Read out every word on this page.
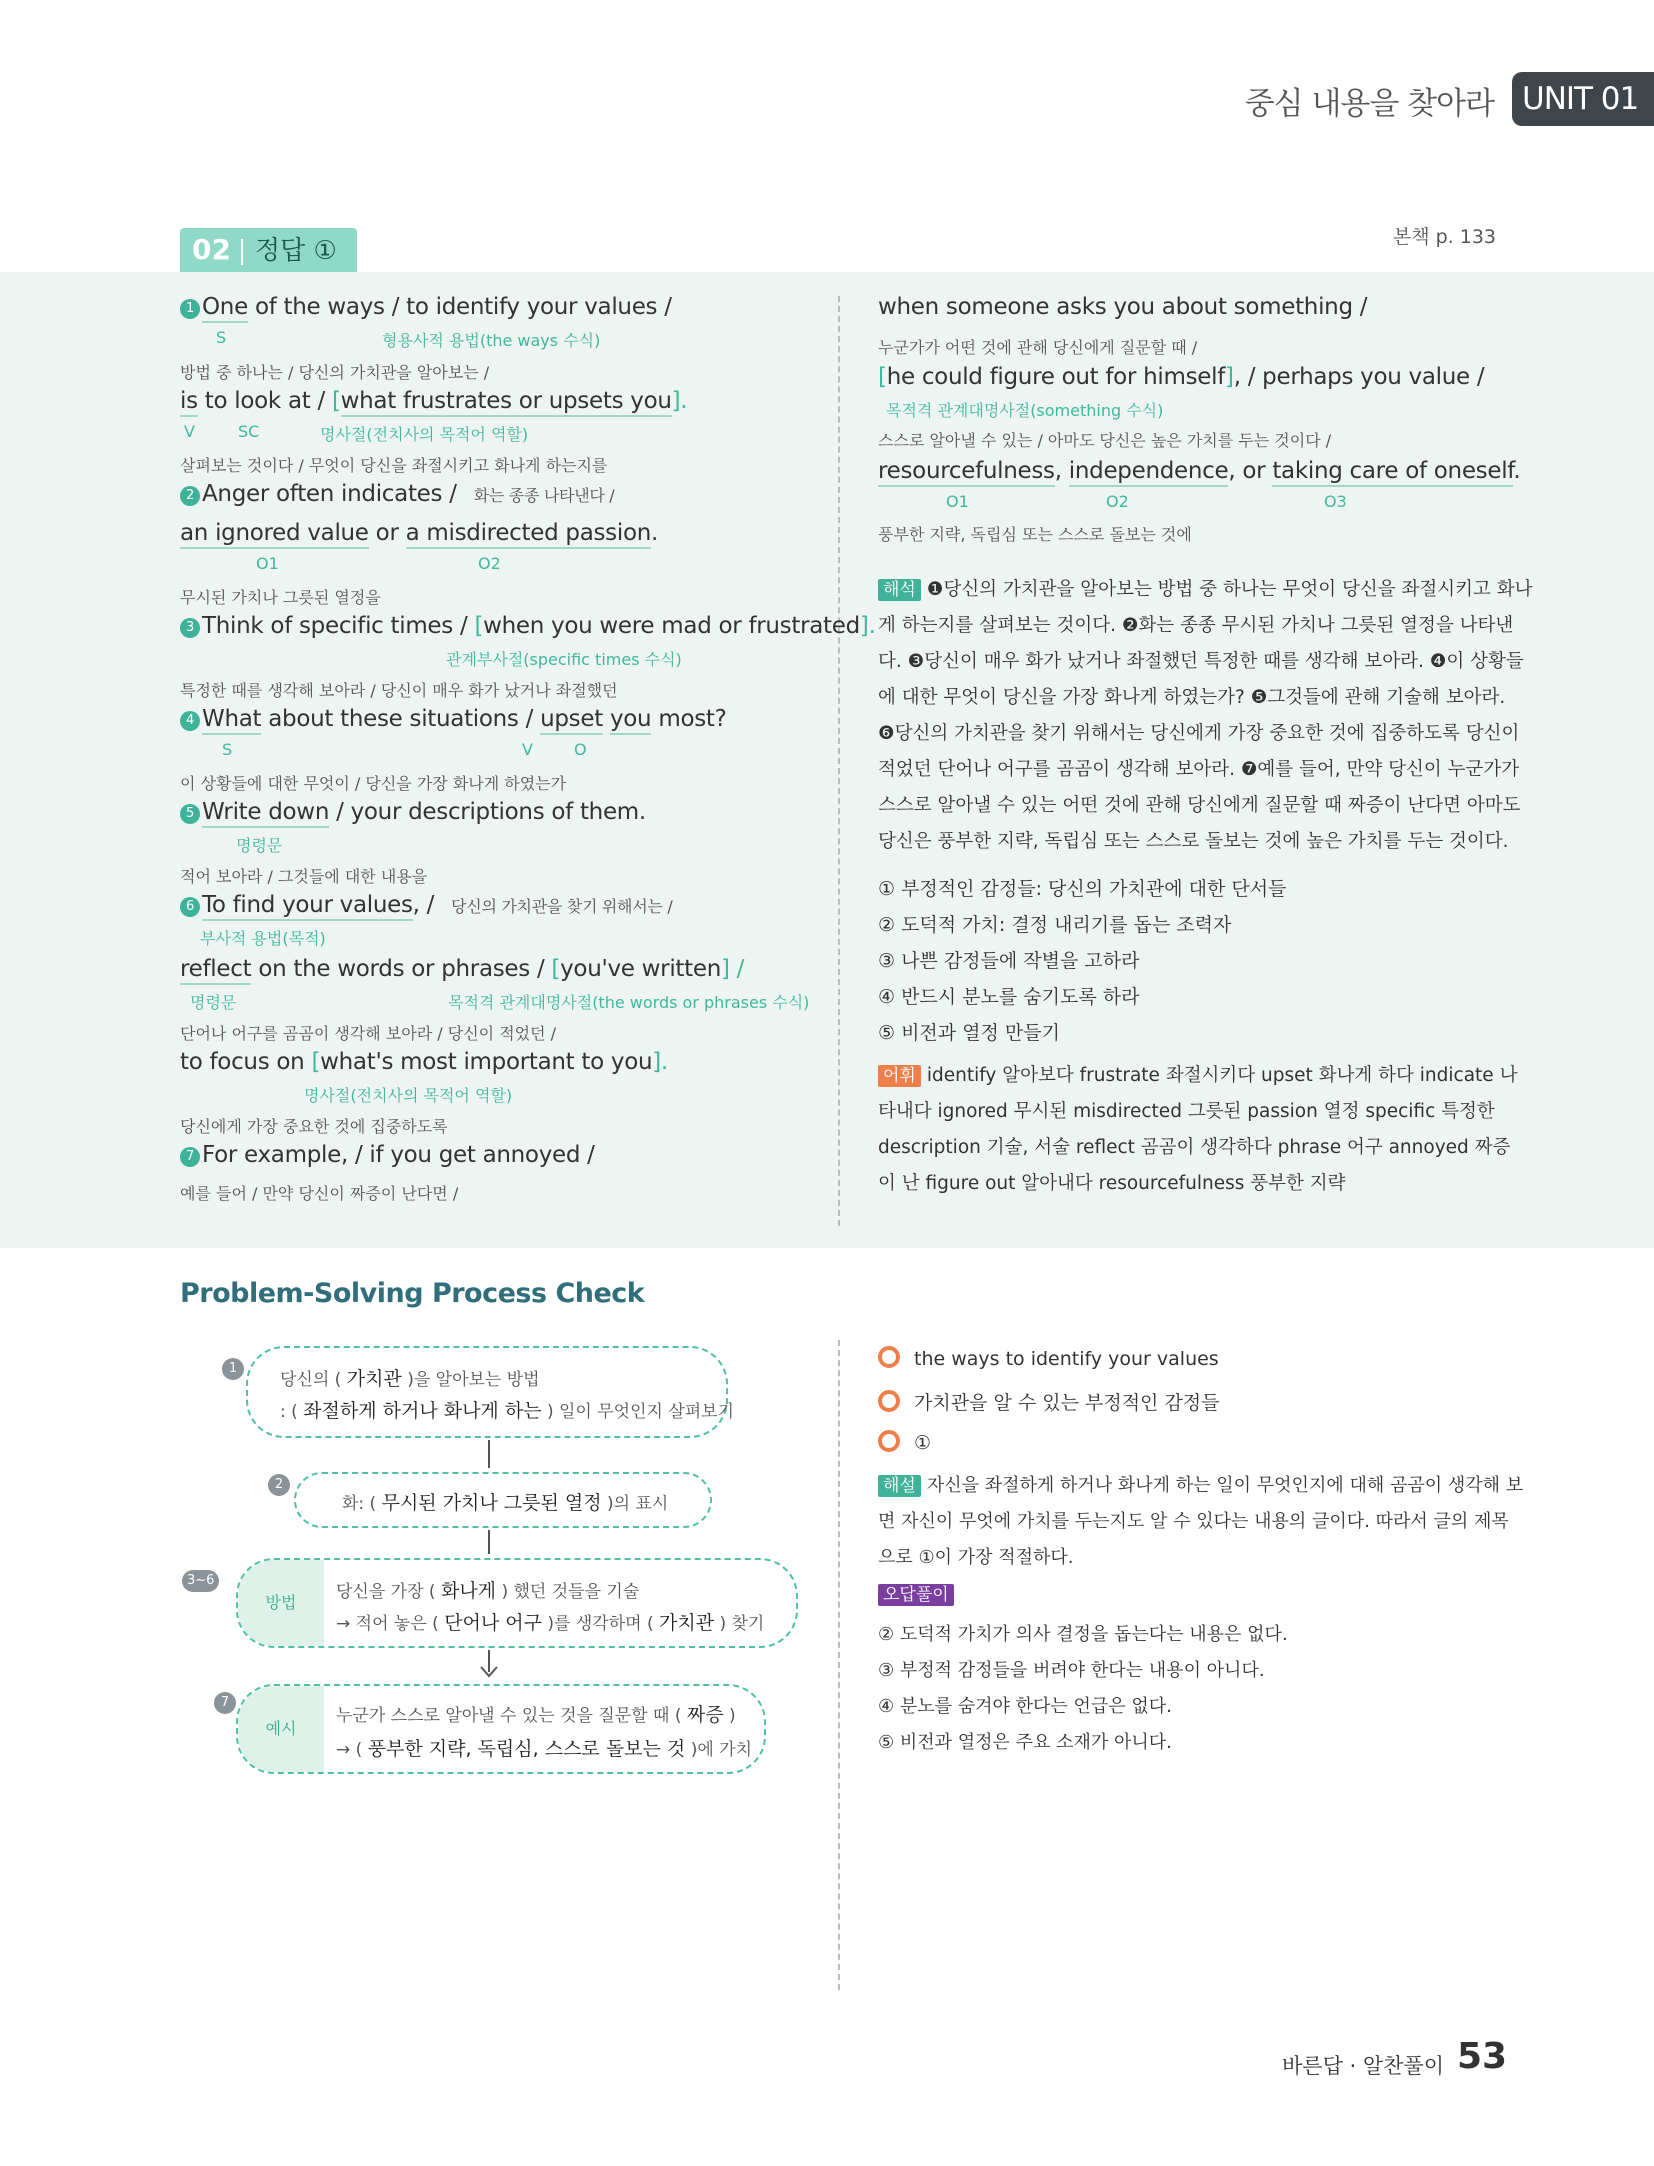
중심 내용을 찾아라 UNIT 01
02 정답 ①	본책 p. 133
1 One of the ways / to identify your values /
S	형용사적 용법(the ways 수식)
방법 중 하나는 / 당신의 가치관을 알아보는 /
is to look at / [what frustrates or upsets you].
V	SC	명사절(전치사의 목적어 역할)
살펴보는 것이다 / 무엇이 당신을 좌절시키고 화나게 하는지를
2 Anger often indicates / 화는 종종 나타낸다 /
an ignored value or a misdirected passion.
O1	O2
무시된 가치나 그릇된 열정을
3 Think of specific times / [when you were mad or frustrated].
관계부사절(specific times 수식)
특정한 때를 생각해 보아라 / 당신이 매우 화가 났거나 좌절했던
4 What about these situations / upset you most?
S	V	O
이 상황들에 대한 무엇이 / 당신을 가장 화나게 하였는가
5 Write down / your descriptions of them.
명령문
적어 보아라 / 그것들에 대한 내용을
6 To find your values, / 당신의 가치관을 찾기 위해서는 /
부사적 용법(목적)
reflect on the words or phrases / [you've written] /
명령문	목적격 관계대명사절(the words or phrases 수식)
단어나 어구를 곰곰이 생각해 보아라 / 당신이 적었던 /
to focus on [what's most important to you].
명사절(전치사의 목적어 역할)
당신에게 가장 중요한 것에 집중하도록
7 For example, / if you get annoyed /
예를 들어 / 만약 당신이 짜증이 난다면 /
when someone asks you about something /
누군가가 어떤 것에 관해 당신에게 질문할 때 /
[he could figure out for himself], / perhaps you value /
목적격 관계대명사절(something 수식)
스스로 알아낼 수 있는 / 아마도 당신은 높은 가치를 두는 것이다 /
resourcefulness, independence, or taking care of oneself.
O1	O2	O3
풍부한 지략, 독립심 또는 스스로 돌보는 것에
해석 ❶당신의 가치관을 알아보는 방법 중 하나는 무엇이 당신을 좌절시키고 화나
게 하는지를 살펴보는 것이다. ❷화는 종종 무시된 가치나 그릇된 열정을 나타낸
다. ❸당신이 매우 화가 났거나 좌절했던 특정한 때를 생각해 보아라. ❹이 상황들
에 대한 무엇이 당신을 가장 화나게 하였는가? ❺그것들에 관해 기술해 보아라.
❻당신의 가치관을 찾기 위해서는 당신에게 가장 중요한 것에 집중하도록 당신이
적었던 단어나 어구를 곰곰이 생각해 보아라. ❼예를 들어, 만약 당신이 누군가가
스스로 알아낼 수 있는 어떤 것에 관해 당신에게 질문할 때 짜증이 난다면 아마도
당신은 풍부한 지략, 독립심 또는 스스로 돌보는 것에 높은 가치를 두는 것이다.
① 부정적인 감정들: 당신의 가치관에 대한 단서들
② 도덕적 가치: 결정 내리기를 돕는 조력자
③ 나쁜 감정들에 작별을 고하라
④ 반드시 분노를 숨기도록 하라
⑤ 비전과 열정 만들기
어휘 identify 알아보다 frustrate 좌절시키다 upset 화나게 하다 indicate 나
타내다 ignored 무시된 misdirected 그릇된 passion 열정 specific 특정한
description 기술, 서술 reflect 곰곰이 생각하다 phrase 어구 annoyed 짜증
이 난 figure out 알아내다 resourcefulness 풍부한 지략
Problem-Solving Process Check
1
당신의 ( 가치관 )을 알아보는 방법
: ( 좌절하게 하거나 화나게 하는 ) 일이 무엇인지 살펴보기
2
화: ( 무시된 가치나 그릇된 열정 )의 표시
3~6
방법
당신을 가장 ( 화나게 ) 했던 것들을 기술
→ 적어 놓은 ( 단어나 어구 )를 생각하며 ( 가치관 ) 찾기
7
예시
누군가 스스로 알아낼 수 있는 것을 질문할 때 ( 짜증 )
→ ( 풍부한 지략, 독립심, 스스로 돌보는 것 )에 가치
the ways to identify your values
가치관을 알 수 있는 부정적인 감정들
①
해설 자신을 좌절하게 하거나 화나게 하는 일이 무엇인지에 대해 곰곰이 생각해 보
면 자신이 무엇에 가치를 두는지도 알 수 있다는 내용의 글이다. 따라서 글의 제목
으로 ①이 가장 적절하다.
오답풀이
② 도덕적 가치가 의사 결정을 돕는다는 내용은 없다.
③ 부정적 감정들을 버려야 한다는 내용이 아니다.
④ 분노를 숨겨야 한다는 언급은 없다.
⑤ 비전과 열정은 주요 소재가 아니다.
바른답 · 알찬풀이 53
